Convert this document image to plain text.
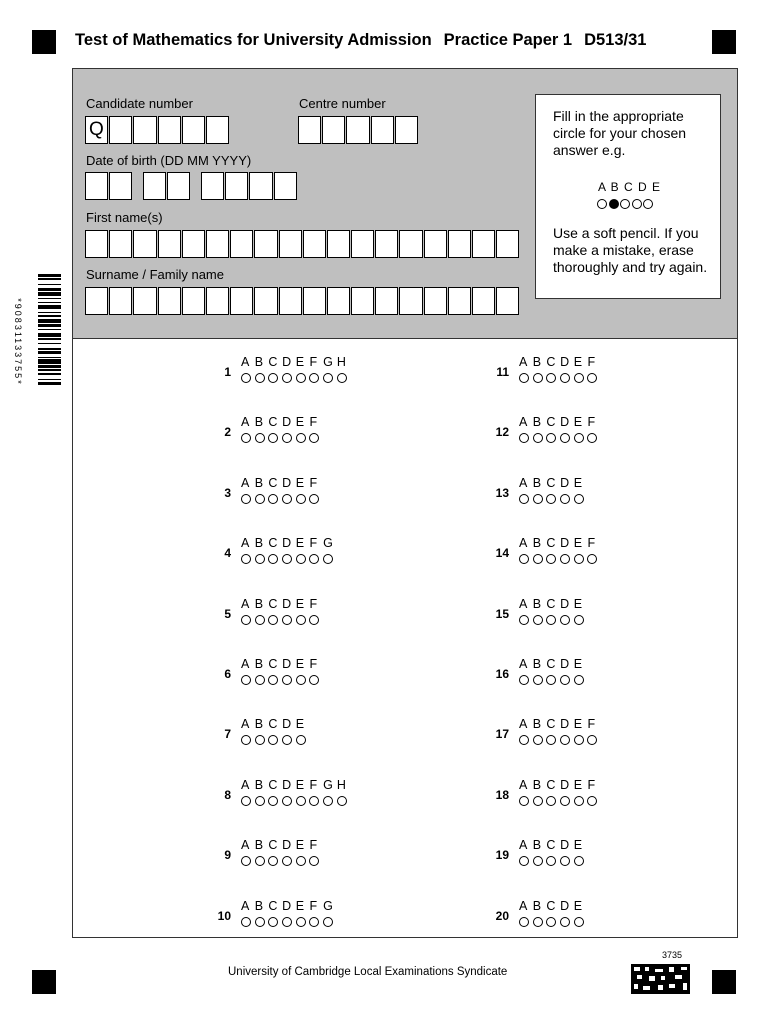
Test of Mathematics for University Admission Practice Paper 1 D513/31
*90831133755*
Candidate number
Q
Centre number
Date of birth (DD MM YYYY)
First name(s)
Surname / Family name
Fill in the appropriate circle for your chosen answer e.g.
A B C D E
Use a soft pencil. If you make a mistake, erase thoroughly and try again.
1
A B C D E F G H
2
A B C D E F
3
A B C D E F
4
A B C D E F G
5
A B C D E F
6
A B C D E F
7
A B C D E
8
A B C D E F G H
9
A B C D E F
10
A B C D E F G
11
A B C D E F
12
A B C D E F
13
A B C D E
14
A B C D E F
15
A B C D E
16
A B C D E
17
A B C D E F
18
A B C D E F
19
A B C D E
20
A B C D E
University of Cambridge Local Examinations Syndicate
3735
